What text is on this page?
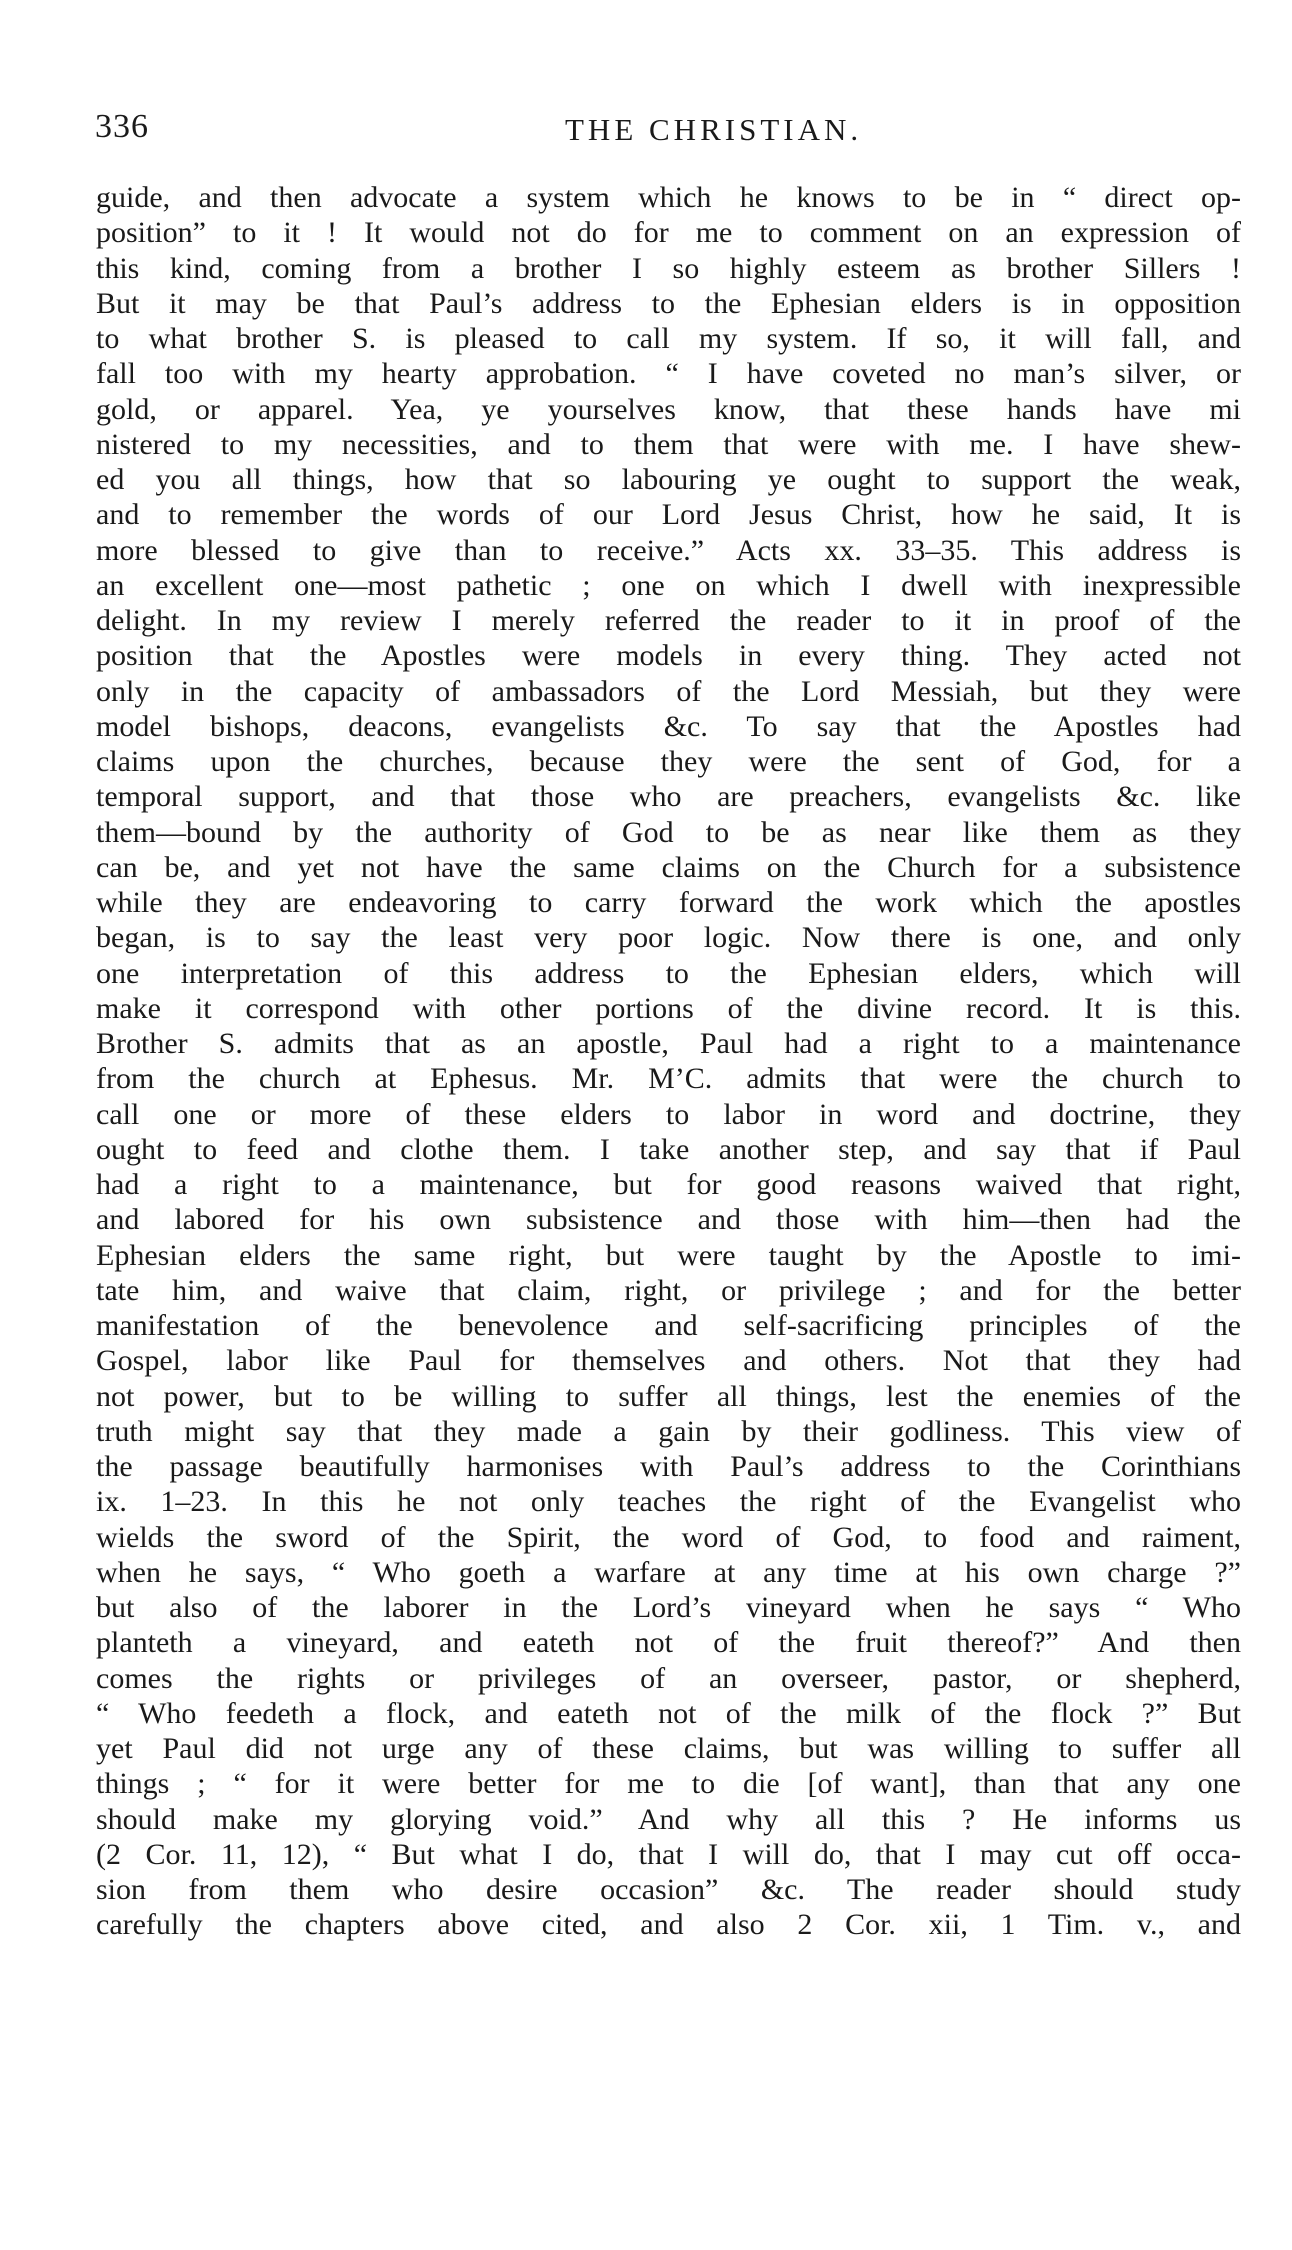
336	THE CHRISTIAN.
guide, and then advocate a system which he knows to be in “ direct op-
position” to it ! It would not do for me to comment on an expression of
this kind, coming from a brother I so highly esteem as brother Sillers !
But it may be that Paul’s address to the Ephesian elders is in opposition
to what brother S. is pleased to call my system. If so, it will fall, and
fall too with my hearty approbation. “ I have coveted no man’s silver, or
gold, or apparel. Yea, ye yourselves know, that these hands have mi
nistered to my necessities, and to them that were with me. I have shew-
ed you all things, how that so labouring ye ought to support the weak,
and to remember the words of our Lord Jesus Christ, how he said, It is
more blessed to give than to receive.” Acts xx. 33–35. This address is
an excellent one—most pathetic ; one on which I dwell with inexpressible
delight. In my review I merely referred the reader to it in proof of the
position that the Apostles were models in every thing. They acted not
only in the capacity of ambassadors of the Lord Messiah, but they were
model bishops, deacons, evangelists &c. To say that the Apostles had
claims upon the churches, because they were the sent of God, for a
temporal support, and that those who are preachers, evangelists &c. like
them—bound by the authority of God to be as near like them as they
can be, and yet not have the same claims on the Church for a subsistence
while they are endeavoring to carry forward the work which the apostles
began, is to say the least very poor logic. Now there is one, and only
one interpretation of this address to the Ephesian elders, which will
make it correspond with other portions of the divine record. It is this.
Brother S. admits that as an apostle, Paul had a right to a maintenance
from the church at Ephesus. Mr. M’C. admits that were the church to
call one or more of these elders to labor in word and doctrine, they
ought to feed and clothe them. I take another step, and say that if Paul
had a right to a maintenance, but for good reasons waived that right,
and labored for his own subsistence and those with him—then had the
Ephesian elders the same right, but were taught by the Apostle to imi-
tate him, and waive that claim, right, or privilege ; and for the better
manifestation of the benevolence and self-sacrificing principles of the
Gospel, labor like Paul for themselves and others. Not that they had
not power, but to be willing to suffer all things, lest the enemies of the
truth might say that they made a gain by their godliness. This view of
the passage beautifully harmonises with Paul’s address to the Corinthians
ix. 1–23. In this he not only teaches the right of the Evangelist who
wields the sword of the Spirit, the word of God, to food and raiment,
when he says, “ Who goeth a warfare at any time at his own charge ?”
but also of the laborer in the Lord’s vineyard when he says “ Who
planteth a vineyard, and eateth not of the fruit thereof?” And then
comes the rights or privileges of an overseer, pastor, or shepherd,
“ Who feedeth a flock, and eateth not of the milk of the flock ?” But
yet Paul did not urge any of these claims, but was willing to suffer all
things ; “ for it were better for me to die [of want], than that any one
should make my glorying void.” And why all this ? He informs us
(2 Cor. 11, 12), “ But what I do, that I will do, that I may cut off occa-
sion from them who desire occasion” &c. The reader should study
carefully the chapters above cited, and also 2 Cor. xii, 1 Tim. v., and
